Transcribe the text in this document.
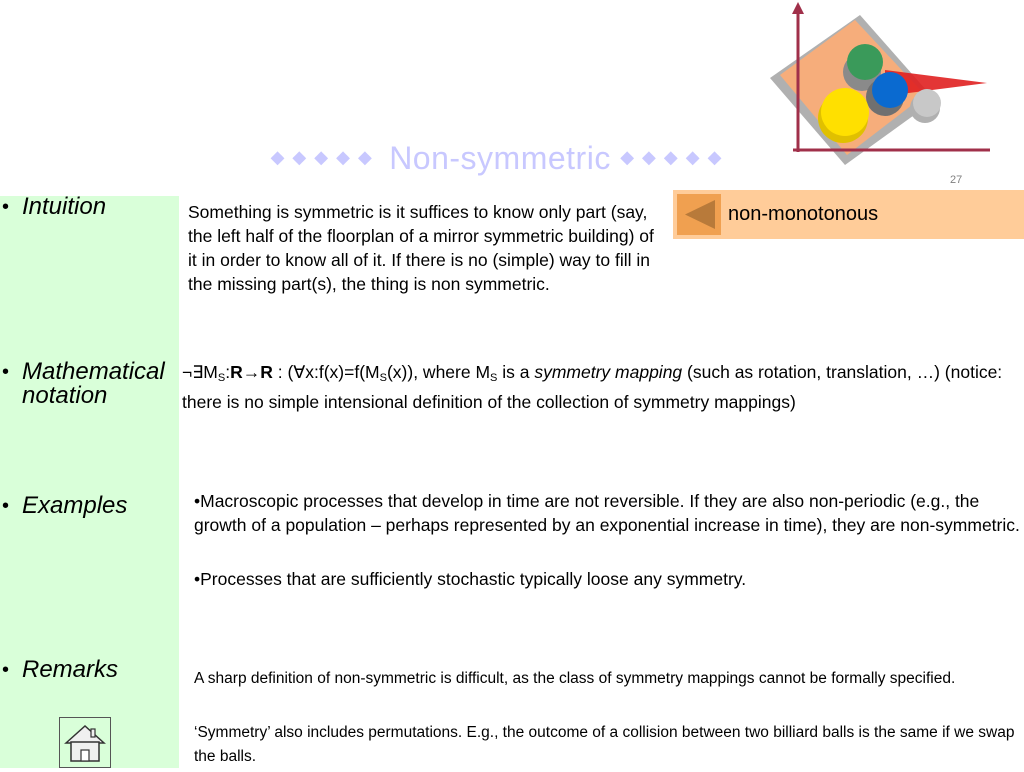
◆◆◆◆◆ Non-symmetric ◆◆◆◆◆
27
non-monotonous
• Intuition
• Mathematical
notation
• Examples
• Remarks
Something is symmetric is it suffices to know only part (say, the left half of the floorplan of a mirror symmetric building) of it in order to know all of it. If there is no (simple) way to fill in the missing part(s), the thing is non symmetric.
$\neg\exists M_S:R\to R$ : ($\forall x:f(x)=f(M_S(x))$, where $M_S$ is a symmetry mapping (such as rotation, translation, …) (notice: there is no simple intensional definition of the collection of symmetry mappings)
•Macroscopic processes that develop in time are not reversible. If they are also non-periodic (e.g., the growth of a population – perhaps represented by an exponential increase in time), they are non-symmetric.
•Processes that are sufficiently stochastic typically loose any symmetry.
A sharp definition of non-symmetric is difficult, as the class of symmetry mappings cannot be formally specified.
‘Symmetry’ also includes permutations. E.g., the outcome of a collision between two billiard balls is the same if we swap the balls.
